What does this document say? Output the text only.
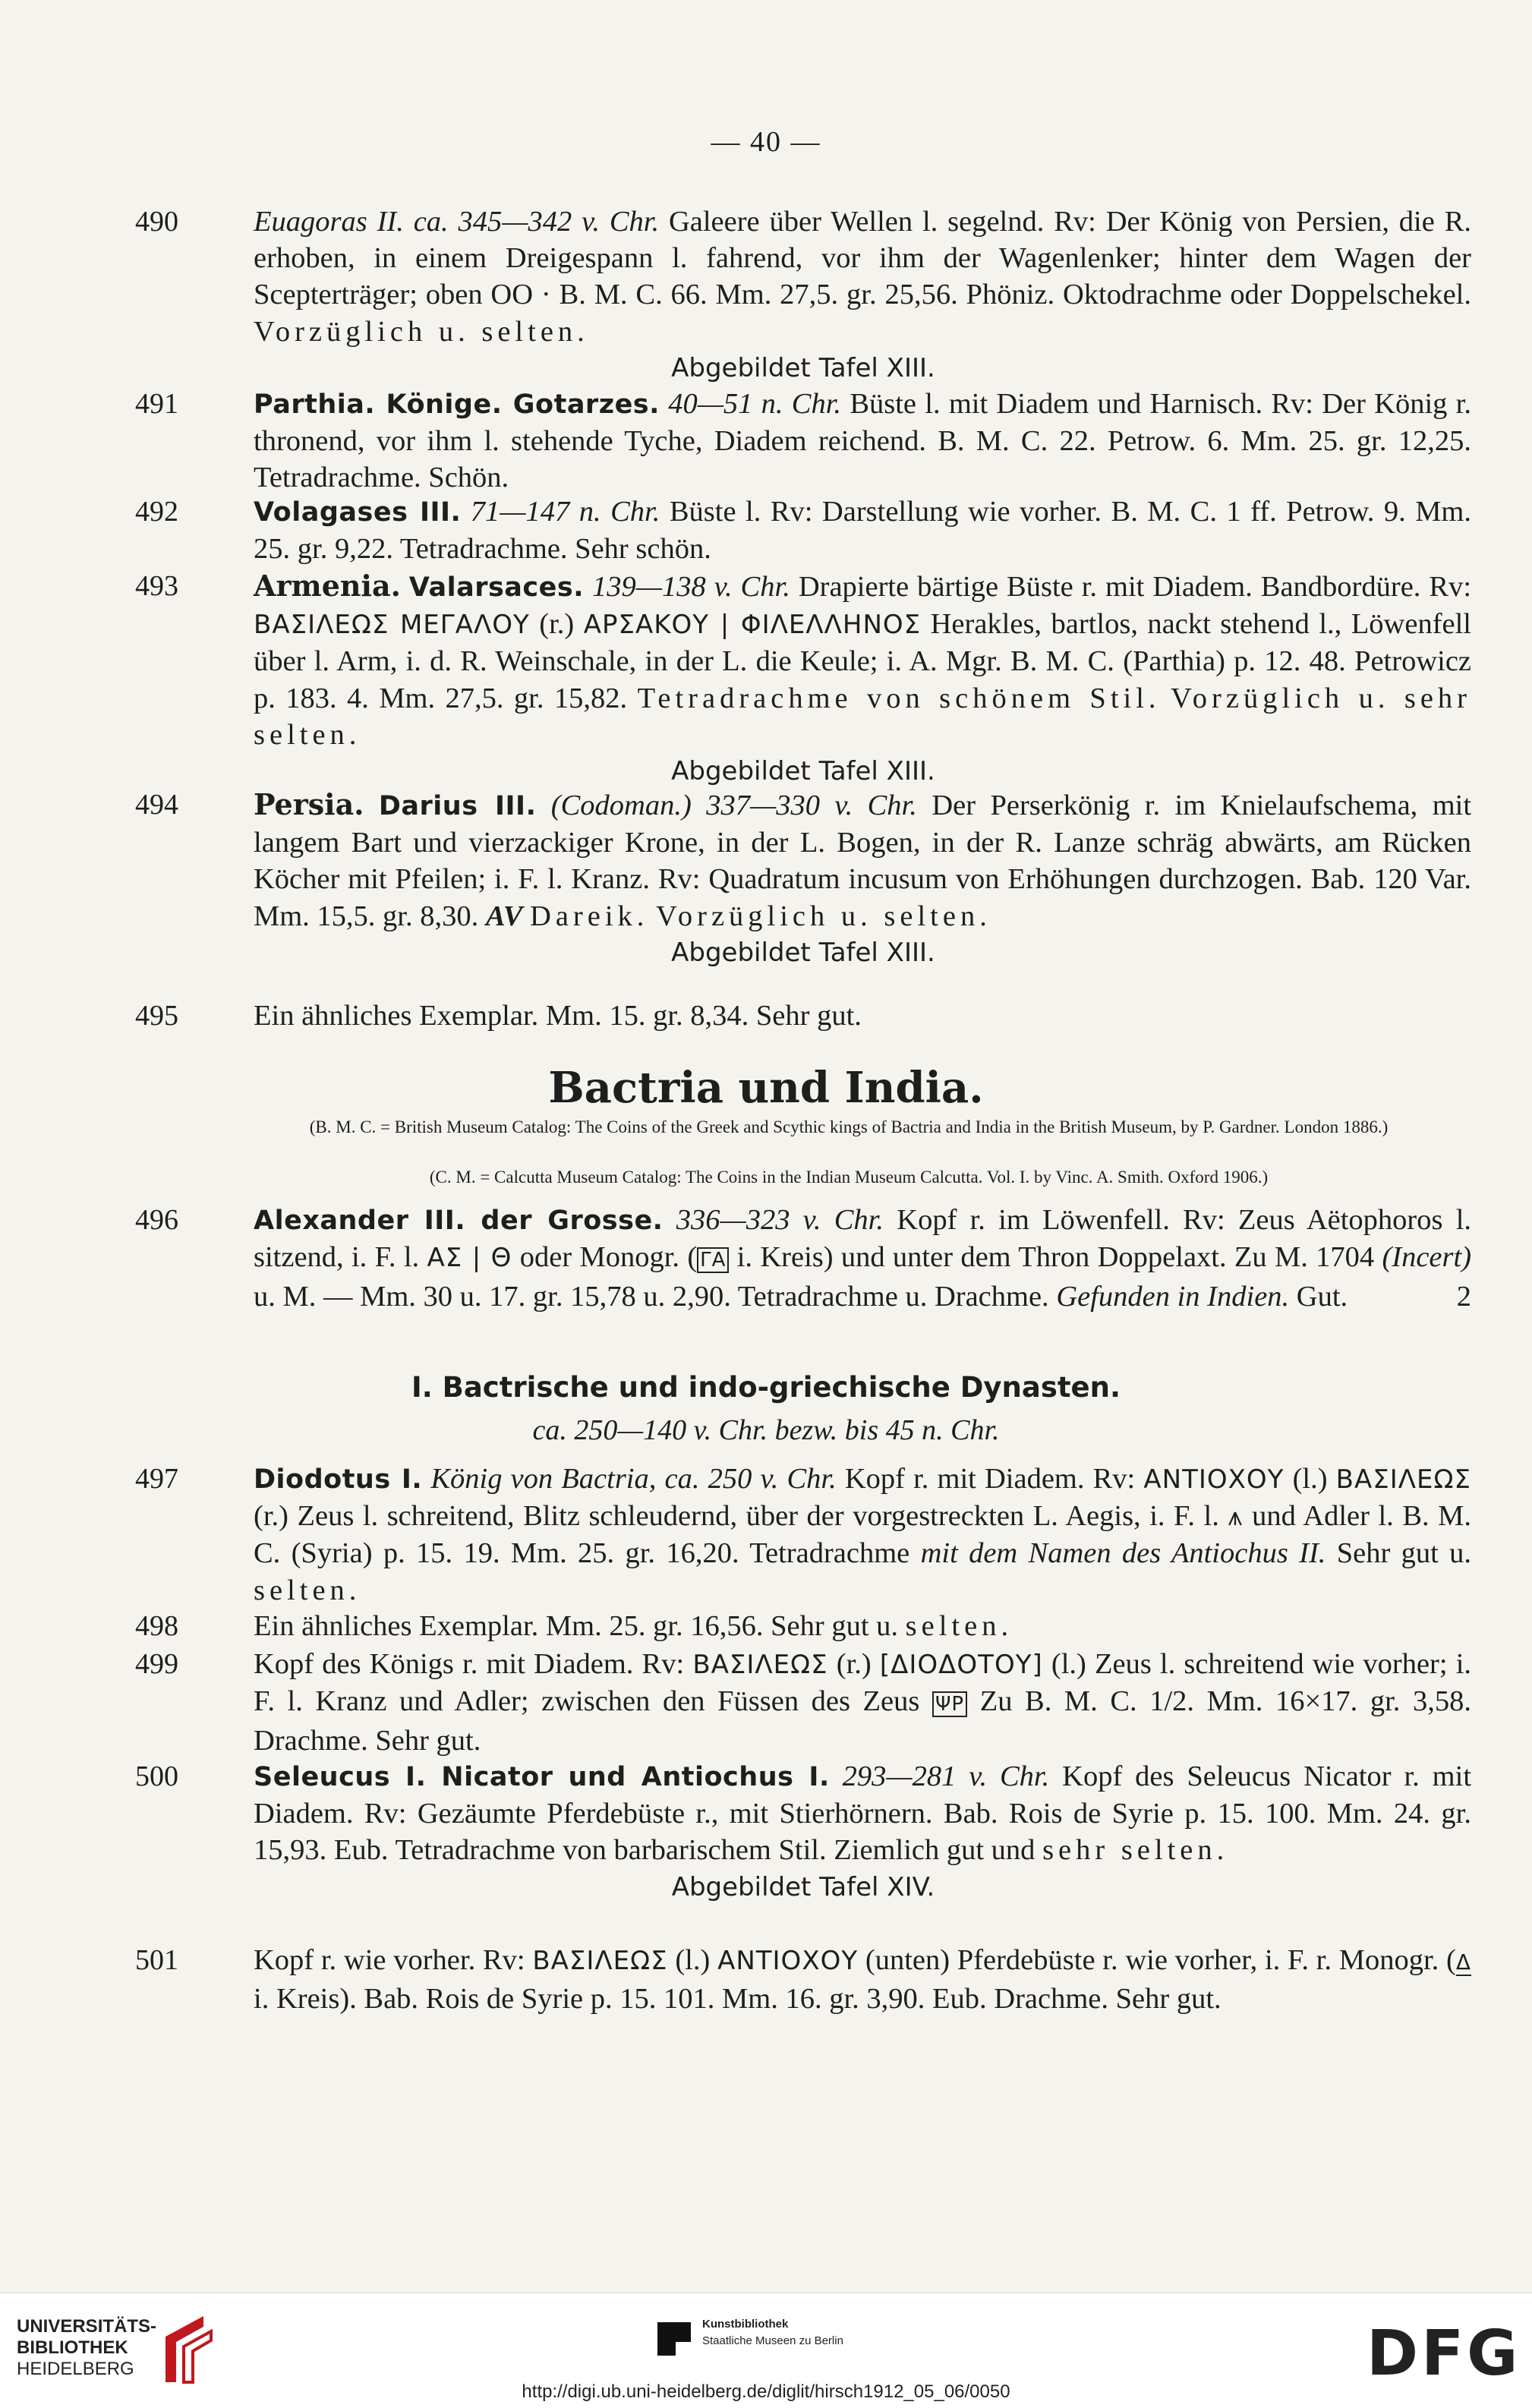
— 40 —
490	Euagoras II. ca. 345—342 v. Chr. Galeere über Wellen l. segelnd. Rv: Der König von Persien, die R. erhoben, in einem Dreigespann l. fahrend, vor ihm der Wagenlenker; hinter dem Wagen der Scepterträger; oben OO · B. M. C. 66. Mm. 27,5. gr. 25,56. Phöniz. Oktodrachme oder Doppelschekel. Vorzüglich u. selten.

Abgebildet Tafel XIII.
491	Parthia. Könige. Gotarzes. 40—51 n. Chr. Büste l. mit Diadem und Harnisch. Rv: Der König r. thronend, vor ihm l. stehende Tyche, Diadem reichend. B. M. C. 22. Petrow. 6. Mm. 25. gr. 12,25. Tetradrachme. Schön.

492	Volagases III. 71—147 n. Chr. Büste l. Rv: Darstellung wie vorher. B. M. C. 1 ff. Petrow. 9. Mm. 25. gr. 9,22. Tetradrachme. Sehr schön.

493	Armenia. Valarsaces. 139—138 v. Chr. Drapierte bärtige Büste r. mit Diadem. Bandbordüre. Rv: ΒΑΣΙΛΕΩΣ ΜΕΓΑΛΟΥ (r.) ΑΡΣΑΚΟΥ | ΦΙΛΕΛΛΗΝΟΣ Herakles, bartlos, nackt stehend l., Löwenfell über l. Arm, i. d. R. Weinschale, in der L. die Keule; i. A. Mgr. B. M. C. (Parthia) p. 12. 48. Petrowicz p. 183. 4. Mm. 27,5. gr. 15,82. Tetradrachme von schönem Stil. Vorzüglich u. sehr selten.

Abgebildet Tafel XIII.
494	Persia. Darius III. (Codoman.) 337—330 v. Chr. Der Perserkönig r. im Knielaufschema, mit langem Bart und vierzackiger Krone, in der L. Bogen, in der R. Lanze schräg abwärts, am Rücken Köcher mit Pfeilen; i. F. l. Kranz. Rv: Quadratum incusum von Erhöhungen durchzogen. Bab. 120 Var. Mm. 15,5. gr. 8,30. AV Dareik. Vorzüglich u. selten.

Abgebildet Tafel XIII.
495	Ein ähnliches Exemplar. Mm. 15. gr. 8,34. Sehr gut.

Bactria und India.
(B. M. C. = British Museum Catalog: The Coins of the Greek and Scythic kings of Bactria and India in the British Museum, by P. Gardner. London 1886.)
(C. M. = Calcutta Museum Catalog: The Coins in the Indian Museum Calcutta. Vol. I. by Vinc. A. Smith. Oxford 1906.)
496	Alexander III. der Grosse. 336—323 v. Chr. Kopf r. im Löwenfell. Rv: Zeus Aëtophoros l. sitzend, i. F. l. ΑΣ | Θ oder Monogr. ( ΓΑ i. Kreis) und unter dem Thron Doppelaxt. Zu M. 1704 (Incert) u. M. — Mm. 30 u. 17. gr. 15,78 u. 2,90. Tetradrachme u. Drachme. Gefunden in Indien. Gut.	2
I. Bactrische und indo-griechische Dynasten.
ca. 250—140 v. Chr. bezw. bis 45 n. Chr.
497	Diodotus I. König von Bactria, ca. 250 v. Chr. Kopf r. mit Diadem. Rv: ΑΝΤΙΟΧΟΥ (l.) ΒΑΣΙΛΕΩΣ (r.) Zeus l. schreitend, Blitz schleudernd, über der vorgestreckten L. Aegis, i. F. l. ⩚ und Adler l. B. M. C. (Syria) p. 15. 19. Mm. 25. gr. 16,20. Tetradrachme mit dem Namen des Antiochus II. Sehr gut u. selten.

498	Ein ähnliches Exemplar. Mm. 25. gr. 16,56. Sehr gut u. selten.

499	Kopf des Königs r. mit Diadem. Rv: ΒΑΣΙΛΕΩΣ (r.) [ΔΙΟΔΟΤΟΥ] (l.) Zeus l. schreitend wie vorher; i. F. l. Kranz und Adler; zwischen den Füssen des Zeus ΨΡ Zu B. M. C. 1/2. Mm. 16×17. gr. 3,58. Drachme. Sehr gut.

500	Seleucus I. Nicator und Antiochus I. 293—281 v. Chr. Kopf des Seleucus Nicator r. mit Diadem. Rv: Gezäumte Pferdebüste r., mit Stierhörnern. Bab. Rois de Syrie p. 15. 100. Mm. 24. gr. 15,93. Eub. Tetradrachme von barbarischem Stil. Ziemlich gut und sehr selten.

Abgebildet Tafel XIV.
501	Kopf r. wie vorher. Rv: ΒΑΣΙΛΕΩΣ (l.) ΑΝΤΙΟΧΟΥ (unten) Pferdebüste r. wie vorher, i. F. r. Monogr. (Δ i. Kreis). Bab. Rois de Syrie p. 15. 101. Mm. 16. gr. 3,90. Eub. Drachme. Sehr gut.

UNIVERSITÄTS-
BIBLIOTHEK
HEIDELBERG
Kunstbibliothek
Staatliche Museen zu Berlin	DFG
http://digi.ub.uni-heidelberg.de/diglit/hirsch1912_05_06/0050
